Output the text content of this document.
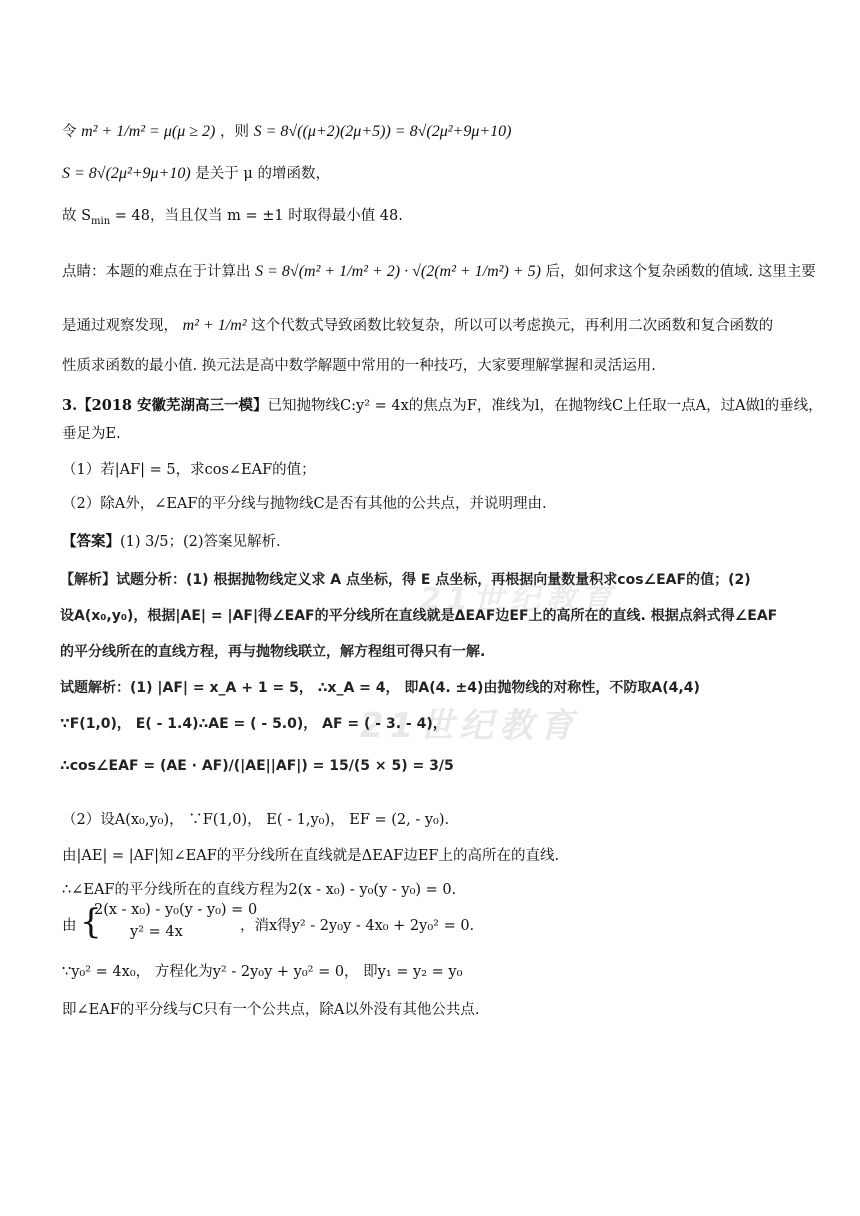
21世纪教育
21世纪教育
令 m² + 1/m² = μ(μ ≥ 2) ，则 S = 8√((μ+2)(2μ+5)) = 8√(2μ²+9μ+10)
S = 8√(2μ²+9μ+10) 是关于 μ 的增函数，
故 $S_{min} = 48$，当且仅当 m = ±1 时取得最小值 48.
点睛：本题的难点在于计算出 S = 8√(m² + 1/m² + 2) · √(2(m² + 1/m²) + 5) 后，如何求这个复杂函数的值域. 这里主要
是通过观察发现， m² + 1/m² 这个代数式导致函数比较复杂，所以可以考虑换元，再利用二次函数和复合函数的
性质求函数的最小值. 换元法是高中数学解题中常用的一种技巧，大家要理解掌握和灵活运用.
3.【2018 安徽芜湖高三一模】已知抛物线C:y² = 4x的焦点为F，准线为l，在抛物线C上任取一点A，过A做l的垂线，
垂足为E.
（1）若|AF| = 5，求cos∠EAF的值；
（2）除A外，∠EAF的平分线与抛物线C是否有其他的公共点，并说明理由.
【答案】(1) 3/5；(2)答案见解析.
【解析】试题分析：(1) 根据抛物线定义求 A 点坐标，得 E 点坐标，再根据向量数量积求cos∠EAF的值；(2)
设A(x₀,y₀)，根据|AE| = |AF|得∠EAF的平分线所在直线就是ΔEAF边EF上的高所在的直线. 根据点斜式得∠EAF
的平分线所在的直线方程，再与抛物线联立，解方程组可得只有一解.
试题解析：(1) |AF| = x_A + 1 = 5， ∴x_A = 4， 即A(4. ±4)由抛物线的对称性，不防取A(4,4)
∵F(1,0)， E( - 1.4)∴AE = ( - 5.0)， AF = ( - 3. - 4)，
∴cos∠EAF = (AE · AF)/(|AE||AF|) = 15/(5 × 5) = 3/5
（2）设A(x₀,y₀)， ∵F(1,0)， E( - 1,y₀)， EF = (2, - y₀).
由|AE| = |AF|知∠EAF的平分线所在直线就是ΔEAF边EF上的高所在的直线.
∴∠EAF的平分线所在的直线方程为2(x - x₀) - y₀(y - y₀) = 0.
由 {
2(x - x₀) - y₀(y - y₀) = 0
y² = 4x	，消x得y² - 2y₀y - 4x₀ + 2y₀² = 0.
∵y₀² = 4x₀， 方程化为y² - 2y₀y + y₀² = 0， 即y₁ = y₂ = y₀
即∠EAF的平分线与C只有一个公共点，除A以外没有其他公共点.
